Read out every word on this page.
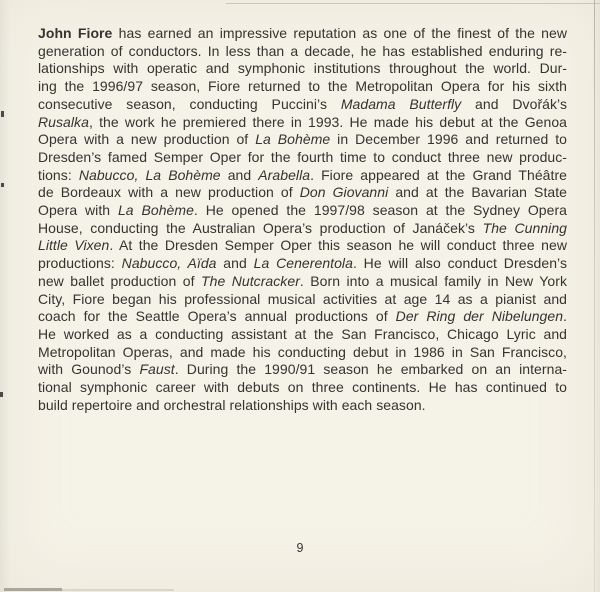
John Fiore has earned an impressive reputation as one of the finest of the new
generation of conductors. In less than a decade, he has established enduring re-
lationships with operatic and symphonic institutions throughout the world. Dur-
ing the 1996/97 season, Fiore returned to the Metropolitan Opera for his sixth
consecutive season, conducting Puccini’s Madama Butterfly and Dvořák’s
Rusalka, the work he premiered there in 1993. He made his debut at the Genoa
Opera with a new production of La Bohème in December 1996 and returned to
Dresden’s famed Semper Oper for the fourth time to conduct three new produc-
tions: Nabucco, La Bohème and Arabella. Fiore appeared at the Grand Théâtre
de Bordeaux with a new production of Don Giovanni and at the Bavarian State
Opera with La Bohème. He opened the 1997/98 season at the Sydney Opera
House, conducting the Australian Opera’s production of Janáček’s The Cunning
Little Vixen. At the Dresden Semper Oper this season he will conduct three new
productions: Nabucco, Aïda and La Cenerentola. He will also conduct Dresden’s
new ballet production of The Nutcracker. Born into a musical family in New York
City, Fiore began his professional musical activities at age 14 as a pianist and
coach for the Seattle Opera’s annual productions of Der Ring der Nibelungen.
He worked as a conducting assistant at the San Francisco, Chicago Lyric and
Metropolitan Operas, and made his conducting debut in 1986 in San Francisco,
with Gounod’s Faust. During the 1990/91 season he embarked on an interna-
tional symphonic career with debuts on three continents. He has continued to
build repertoire and orchestral relationships with each season.
9
